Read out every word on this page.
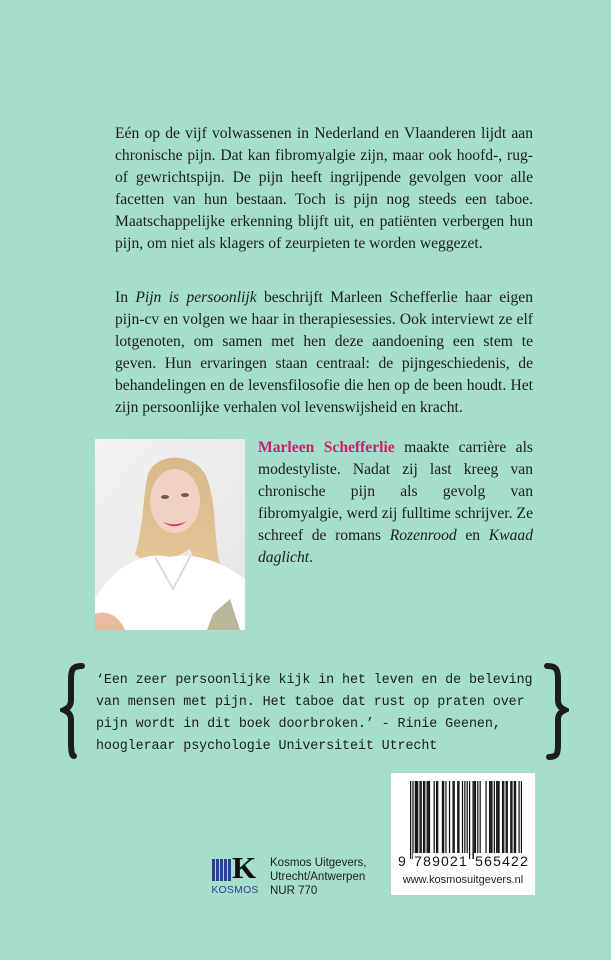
Eén op de vijf volwassenen in Nederland en Vlaanderen lijdt aan chronische pijn. Dat kan fibromyalgie zijn, maar ook hoofd-, rug- of gewrichtspijn. De pijn heeft ingrijpende gevolgen voor alle facetten van hun bestaan. Toch is pijn nog steeds een taboe. Maatschappelijke erkenning blijft uit, en patiënten verbergen hun pijn, om niet als klagers of zeurpieten te worden weggezet.

In Pijn is persoonlijk beschrijft Marleen Schefferlie haar eigen pijn-cv en volgen we haar in therapiesessies. Ook interviewt ze elf lotgenoten, om samen met hen deze aandoening een stem te geven. Hun ervaringen staan centraal: de pijngeschiedenis, de behandelingen en de levensfilosofie die hen op de been houdt. Het zijn persoonlijke verhalen vol levenswijsheid en kracht.

Marleen Schefferlie maakte carrière als modestyliste. Nadat zij last kreeg van chronische pijn als gevolg van fibromyalgie, werd zij fulltime schrijver. Ze schreef de romans Rozenrood en Kwaad daglicht.

‘Een zeer persoonlijke kijk in het leven en de beleving van mensen met pijn. Het taboe dat rust op praten over pijn wordt in dit boek doorbroken.’ - Rinie Geenen, hoogleraar psychologie Universiteit Utrecht

K
KOSMOS
Kosmos Uitgevers,
Utrecht/Antwerpen
NUR 770
9 789021 565422
www.kosmosuitgevers.nl
